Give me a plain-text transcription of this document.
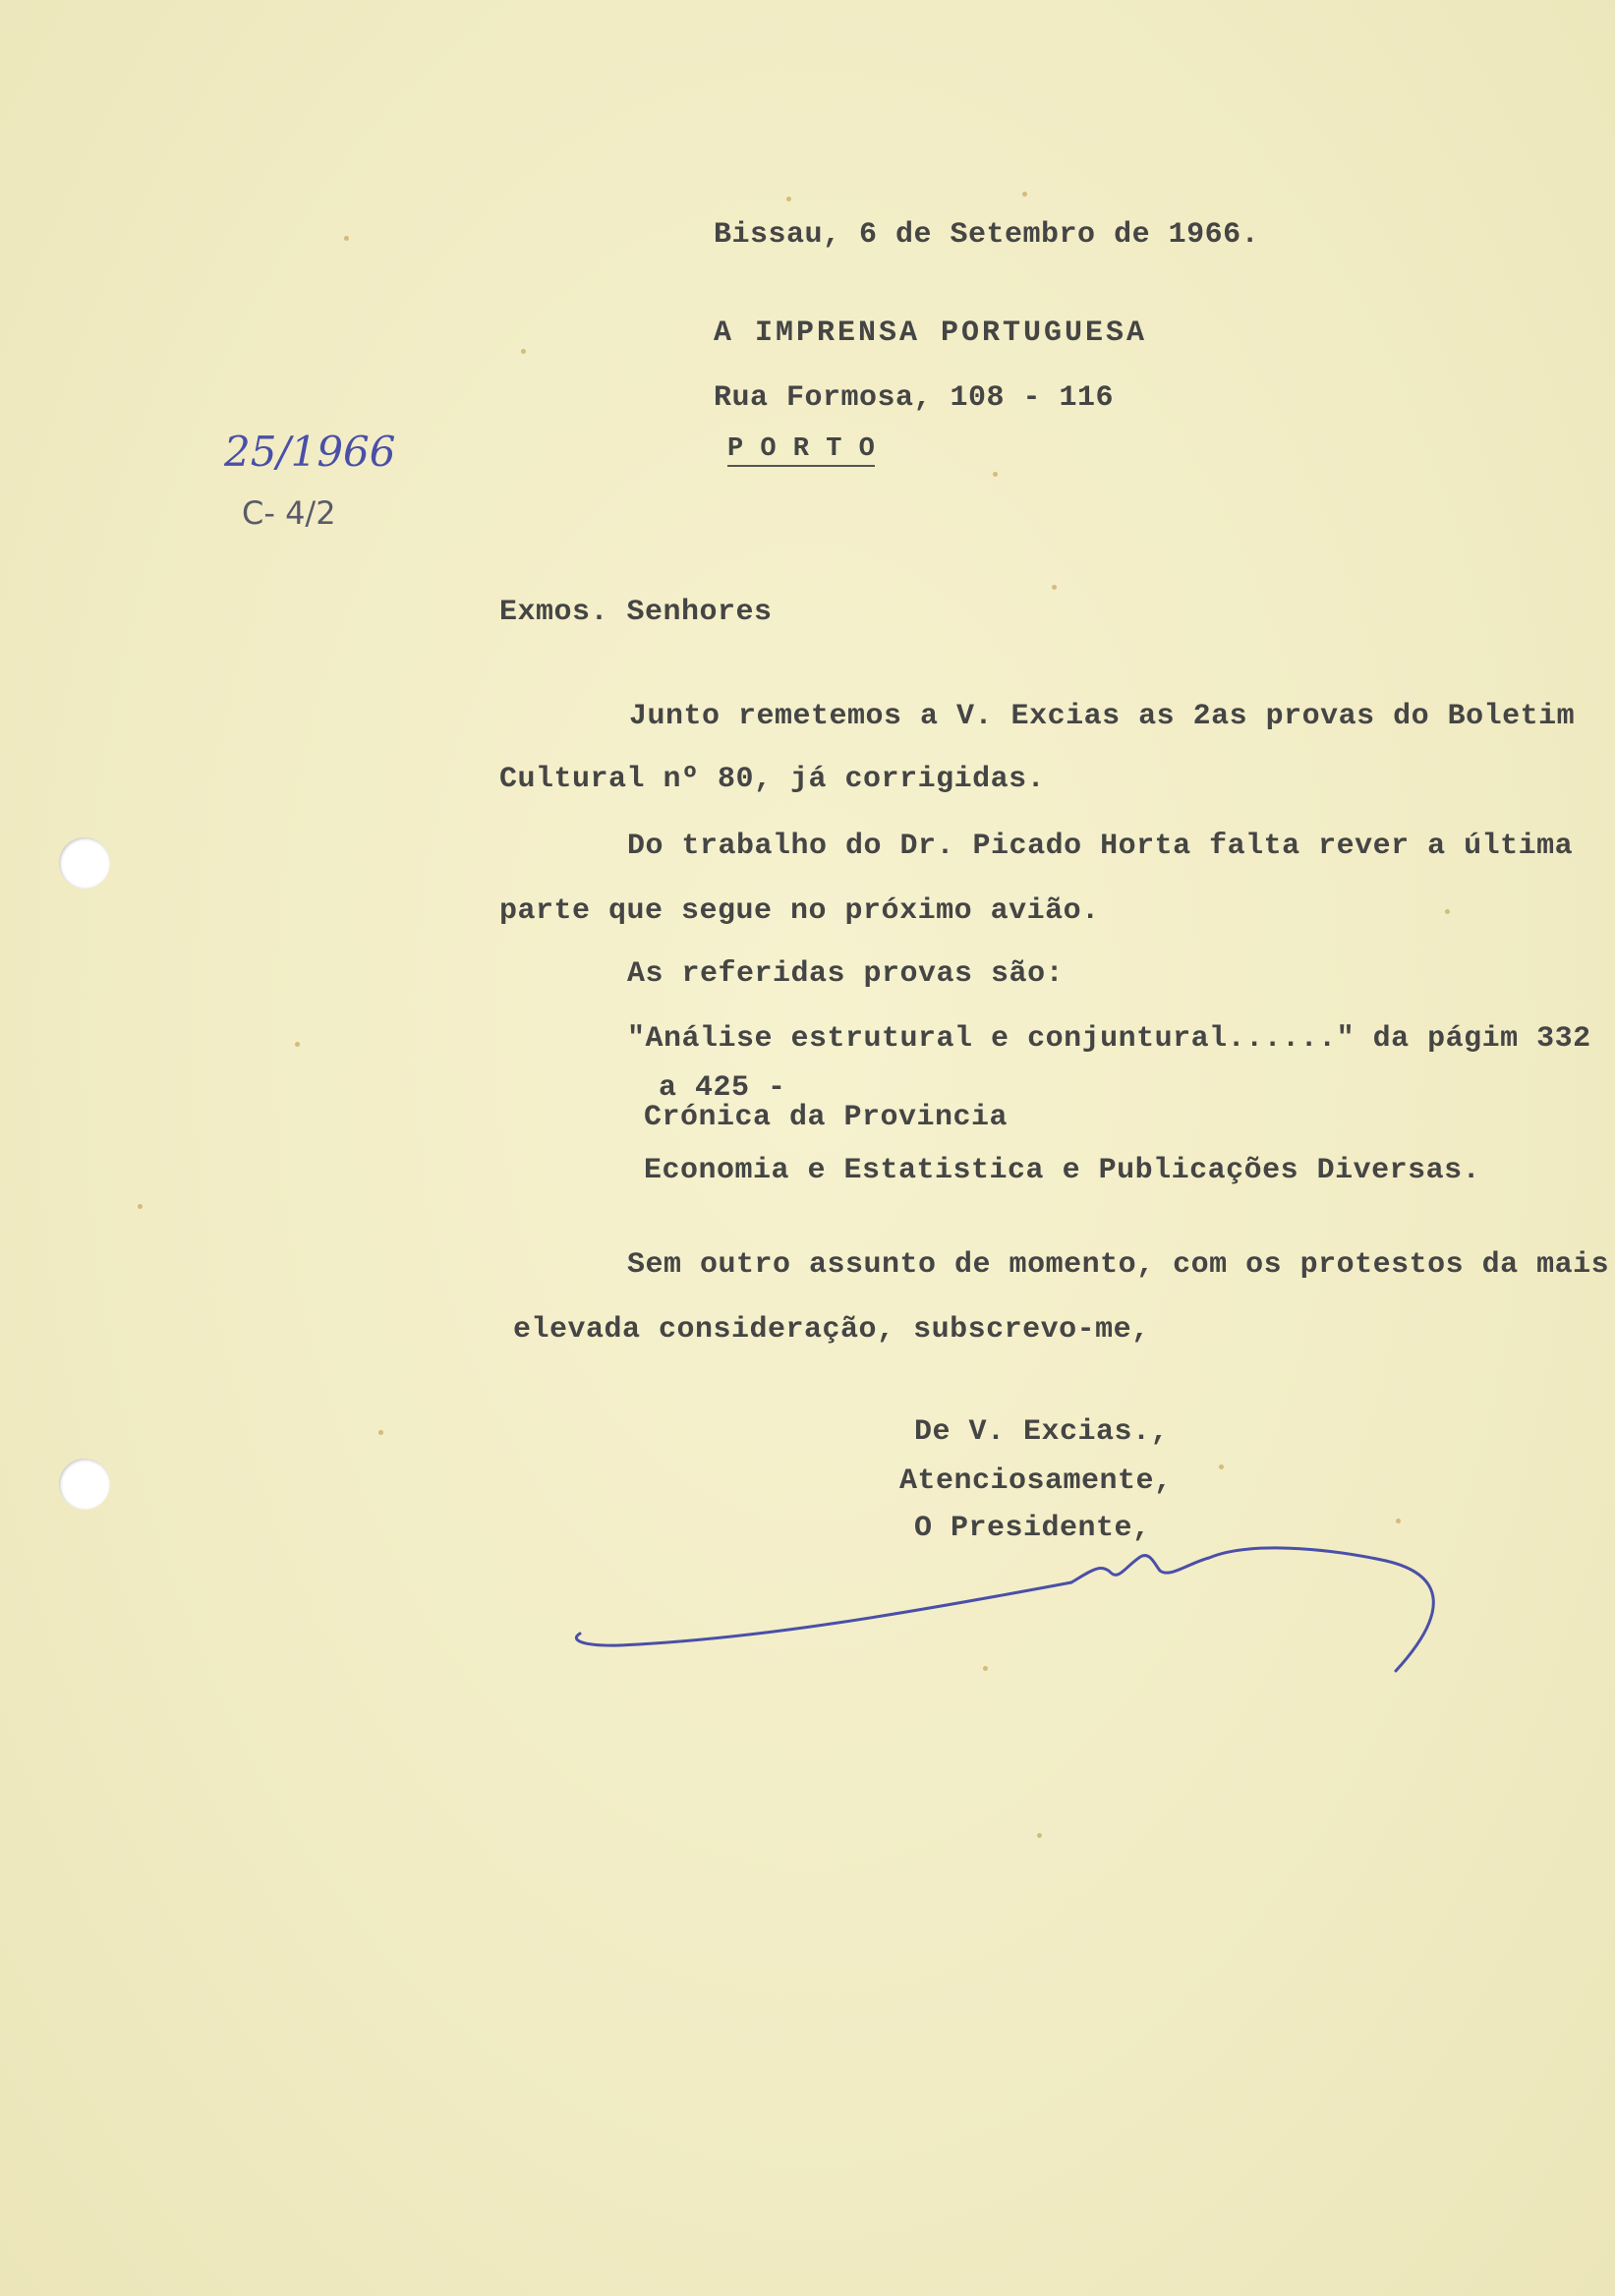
Bissau, 6 de Setembro de 1966.
A IMPRENSA PORTUGUESA
Rua Formosa, 108 - 116
P O R T O
25/1966
C- 4/2
Exmos. Senhores
Junto remetemos a V. Excias as 2as provas do Boletim
Cultural nº 80, já corrigidas.
Do trabalho do Dr. Picado Horta falta rever a última
parte que segue no próximo avião.
As referidas provas são:
"Análise estrutural e conjuntural......" da págim 332
a 425 -
Crónica da Provincia
Economia e Estatistica e Publicações Diversas.
Sem outro assunto de momento, com os protestos da mais
elevada consideração, subscrevo-me,
De V. Excias.,
Atenciosamente,
O Presidente,
